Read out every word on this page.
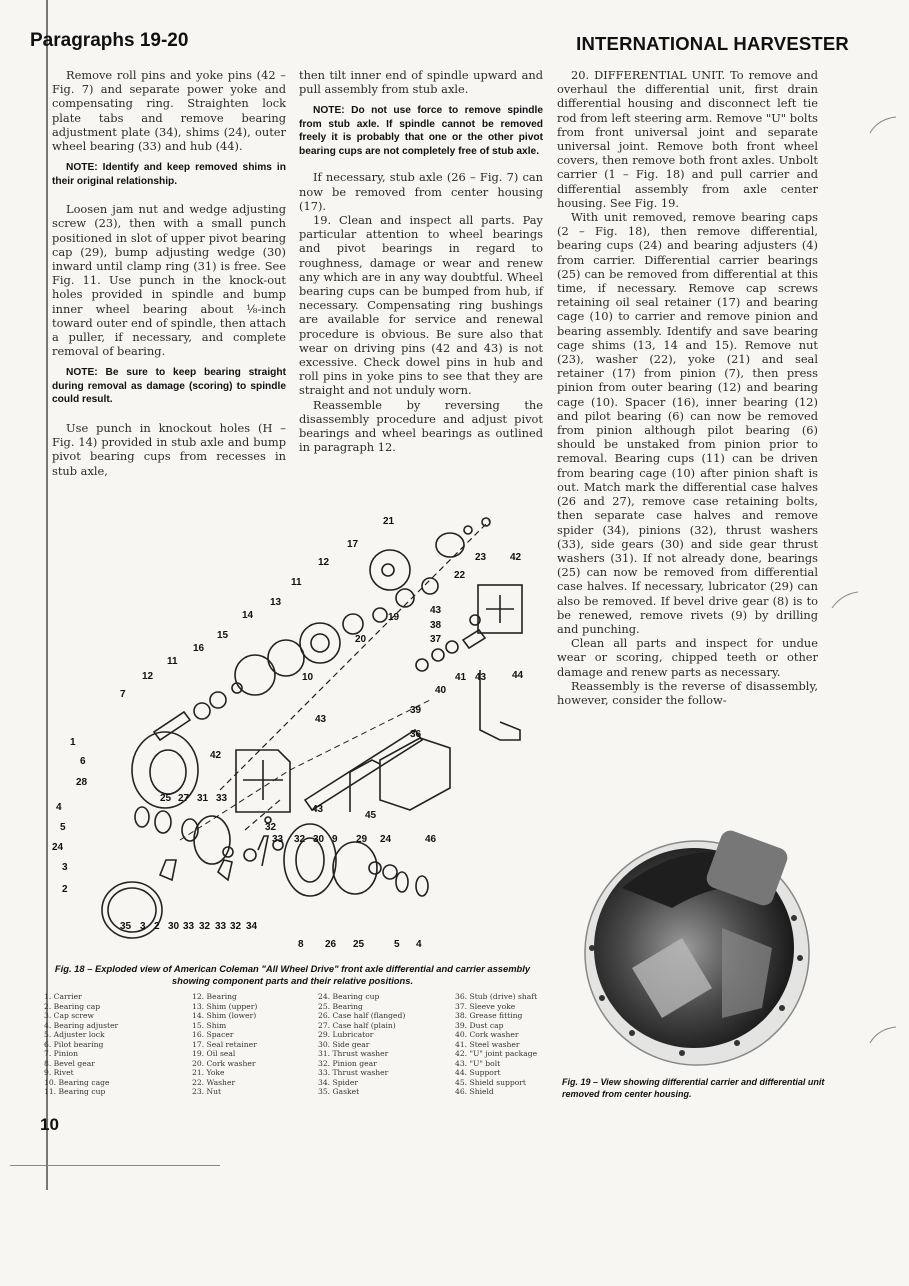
Paragraphs 19-20	INTERNATIONAL HARVESTER

Remove roll pins and yoke pins (42 – Fig. 7) and separate power yoke and compensating ring. Straighten lock plate tabs and remove bearing adjustment plate (34), shims (24), outer wheel bearing (33) and hub (44).

NOTE: Identify and keep removed shims in their original relationship.

Loosen jam nut and wedge adjusting screw (23), then with a small punch positioned in slot of upper pivot bearing cap (29), bump adjusting wedge (30) inward until clamp ring (31) is free. See Fig. 11. Use punch in the knock-out holes provided in spindle and bump inner wheel bearing about ⅛-inch toward outer end of spindle, then attach a puller, if necessary, and complete removal of bearing.

NOTE: Be sure to keep bearing straight during removal as damage (scoring) to spindle could result.

Use punch in knockout holes (H – Fig. 14) provided in stub axle and bump pivot bearing cups from recesses in stub axle,

then tilt inner end of spindle upward and pull assembly from stub axle.

NOTE: Do not use force to remove spindle from stub axle. If spindle cannot be removed freely it is probably that one or the other pivot bearing cups are not completely free of stub axle.

If necessary, stub axle (26 – Fig. 7) can now be removed from center housing (17).

19. Clean and inspect all parts. Pay particular attention to wheel bearings and pivot bearings in regard to roughness, damage or wear and renew any which are in any way doubtful. Wheel bearing cups can be bumped from hub, if necessary. Compensating ring bushings are available for service and renewal procedure is obvious. Be sure also that wear on driving pins (42 and 43) is not excessive. Check dowel pins in hub and roll pins in yoke pins to see that they are straight and not unduly worn.

Reassemble by reversing the disassembly procedure and adjust pivot bearings and wheel bearings as outlined in paragraph 12.

20. DIFFERENTIAL UNIT. To remove and overhaul the differential unit, first drain differential housing and disconnect left tie rod from left steering arm. Remove "U" bolts from front universal joint and separate universal joint. Remove both front wheel covers, then remove both front axles. Unbolt carrier (1 – Fig. 18) and pull carrier and differential assembly from axle center housing. See Fig. 19.

With unit removed, remove bearing caps (2 – Fig. 18), then remove differential, bearing cups (24) and bearing adjusters (4) from carrier. Differential carrier bearings (25) can be removed from differential at this time, if necessary. Remove cap screws retaining oil seal retainer (17) and bearing cage (10) to carrier and remove pinion and bearing assembly. Identify and save bearing cage shims (13, 14 and 15). Remove nut (23), washer (22), yoke (21) and seal retainer (17) from pinion (7), then press pinion from outer bearing (12) and bearing cage (10). Spacer (16), inner bearing (12) and pilot bearing (6) can now be removed from pinion although pilot bearing (6) should be unstaked from pinion prior to removal. Bearing cups (11) can be driven from bearing cage (10) after pinion shaft is out. Match mark the differential case halves (26 and 27), remove case retaining bolts, then separate case halves and remove spider (34), pinions (32), thrust washers (33), side gears (30) and side gear thrust washers (31). If not already done, bearings (25) can now be removed from differential case halves. If necessary, lubricator (29) can also be removed. If bevel drive gear (8) is to be renewed, remove rivets (9) by drilling and punching.

Clean all parts and inspect for undue wear or scoring, chipped teeth or other damage and renew parts as necessary.

Reassembly is the reverse of disassembly, however, consider the follow-

21
17
12
11
23
22
42
13
14
15
16
11
12
7
10
20
19
43
38
37
41
40
39
43	44
1
6
28
36
43
42
25 27 31 33
4
5
24
3
2
32
33 32 30 9 29 24
45
46
43
35 3 2 30 33 32 33 32 34
8 26 25	5 4
Fig. 18 – Exploded view of American Coleman "All Wheel Drive" front axle differential and carrier assembly showing component parts and their relative positions.
1. Carrier
2. Bearing cap
3. Cap screw
4. Bearing adjuster
5. Adjuster lock
6. Pilot bearing
7. Pinion
8. Bevel gear
9. Rivet
10. Bearing cage
11. Bearing cup
12. Bearing
13. Shim (upper)
14. Shim (lower)
15. Shim
16. Spacer
17. Seal retainer
19. Oil seal
20. Cork washer
21. Yoke
22. Washer
23. Nut
24. Bearing cup
25. Bearing
26. Case half (flanged)
27. Case half (plain)
29. Lubricator
30. Side gear
31. Thrust washer
32. Pinion gear
33. Thrust washer
34. Spider
35. Gasket
36. Stub (drive) shaft
37. Sleeve yoke
38. Grease fitting
39. Dust cap
40. Cork washer
41. Steel washer
42. "U" joint package
43. "U" bolt
44. Support
45. Shield support
46. Shield
Fig. 19 – View showing differential carrier and differential unit removed from center housing.
10
